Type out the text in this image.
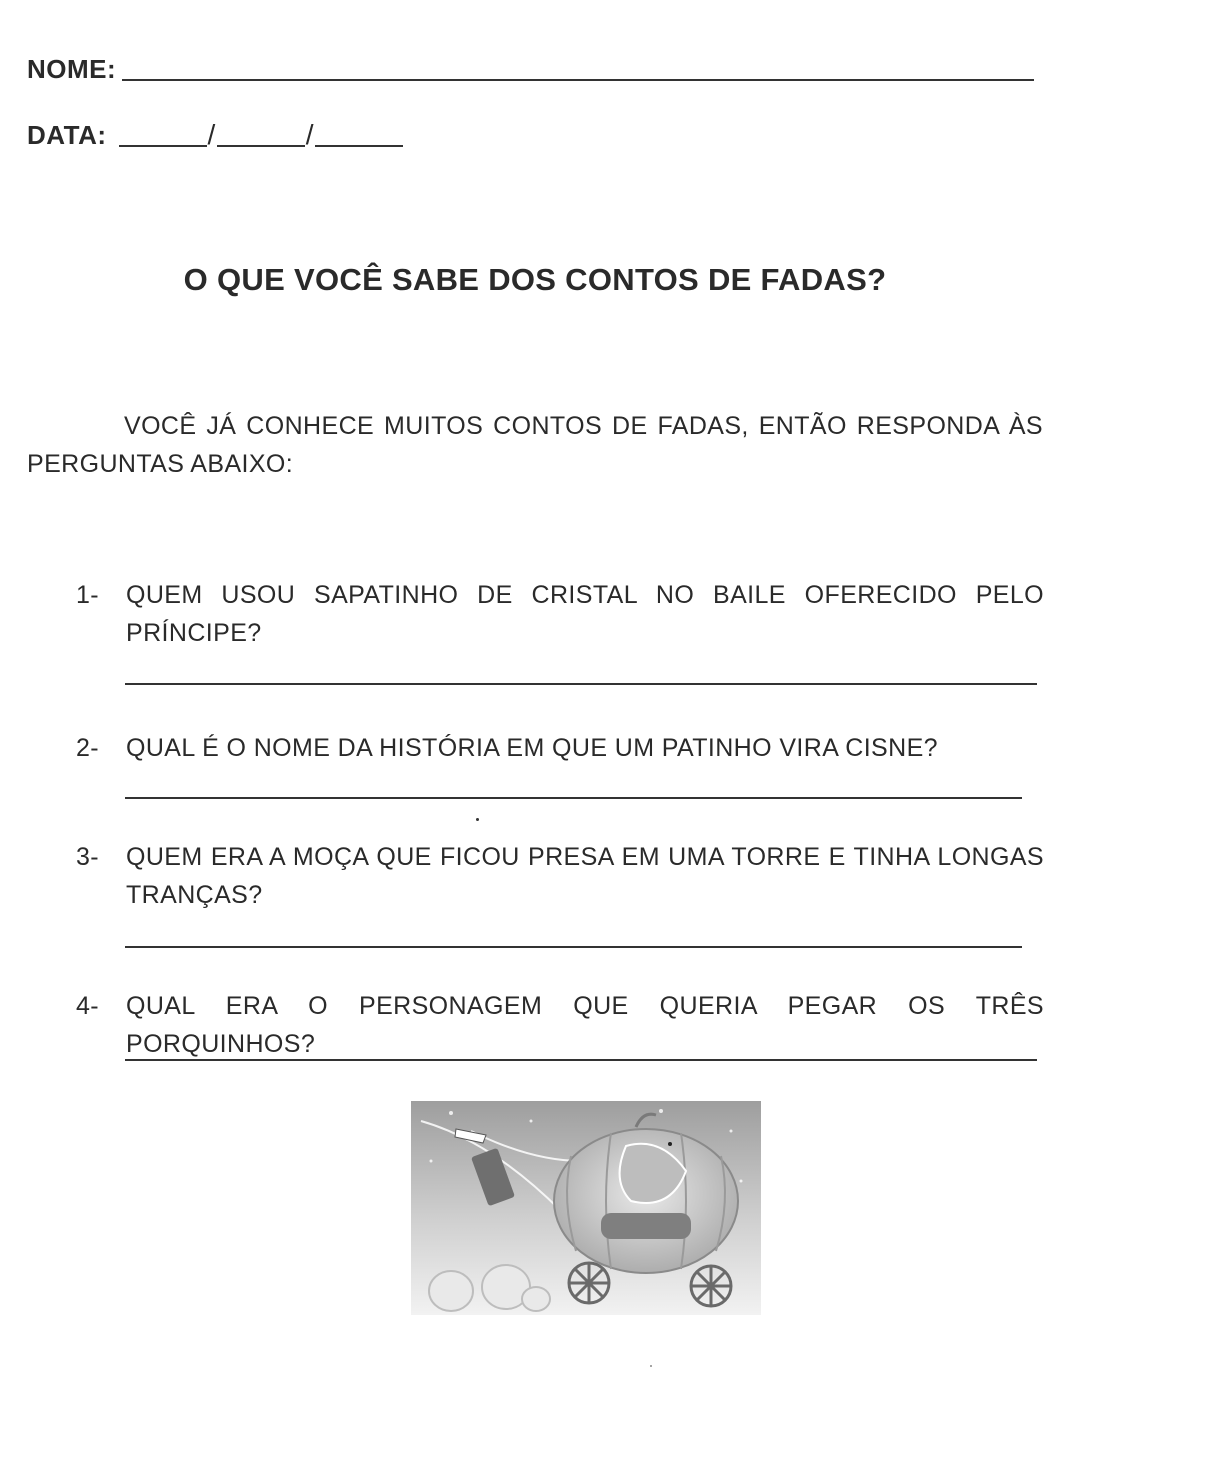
NOME:
DATA:	/	/
O QUE VOCÊ SABE DOS CONTOS DE FADAS?
VOCÊ JÁ CONHECE MUITOS CONTOS DE FADAS, ENTÃO RESPONDA ÀS PERGUNTAS ABAIXO:
1-	QUEM USOU SAPATINHO DE CRISTAL NO BAILE OFERECIDO PELO PRÍNCIPE?
2-	QUAL É O NOME DA HISTÓRIA EM QUE UM PATINHO VIRA CISNE?
3-	QUEM ERA A MOÇA QUE FICOU PRESA EM UMA TORRE E TINHA LONGAS TRANÇAS?
4-	QUAL ERA O PERSONAGEM QUE QUERIA PEGAR OS TRÊS PORQUINHOS?
